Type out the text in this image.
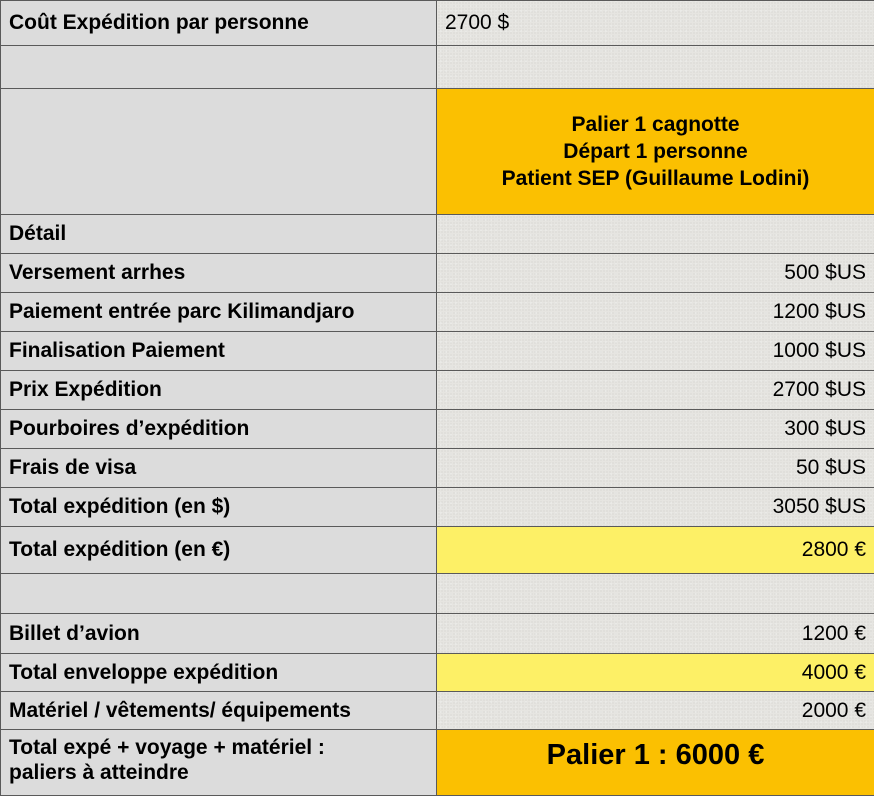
Coût Expédition par personne	2700 $

	Palier 1 cagnotte
Départ 1 personne
Patient SEP (Guillaume Lodini)

Détail	
Versement arrhes	500 $US
Paiement entrée parc Kilimandjaro	1200 $US
Finalisation Paiement	1000 $US
Prix Expédition	2700 $US
Pourboires d’expédition	300 $US
Frais de visa	50 $US
Total expédition (en $)	3050 $US
Total expédition (en €)	2800 €

Billet d’avion	1200 €
Total enveloppe expédition	4000 €
Matériel / vêtements/ équipements	2000 €

Total expé + voyage + matériel :
paliers à atteindre	Palier 1 : 6000 €
